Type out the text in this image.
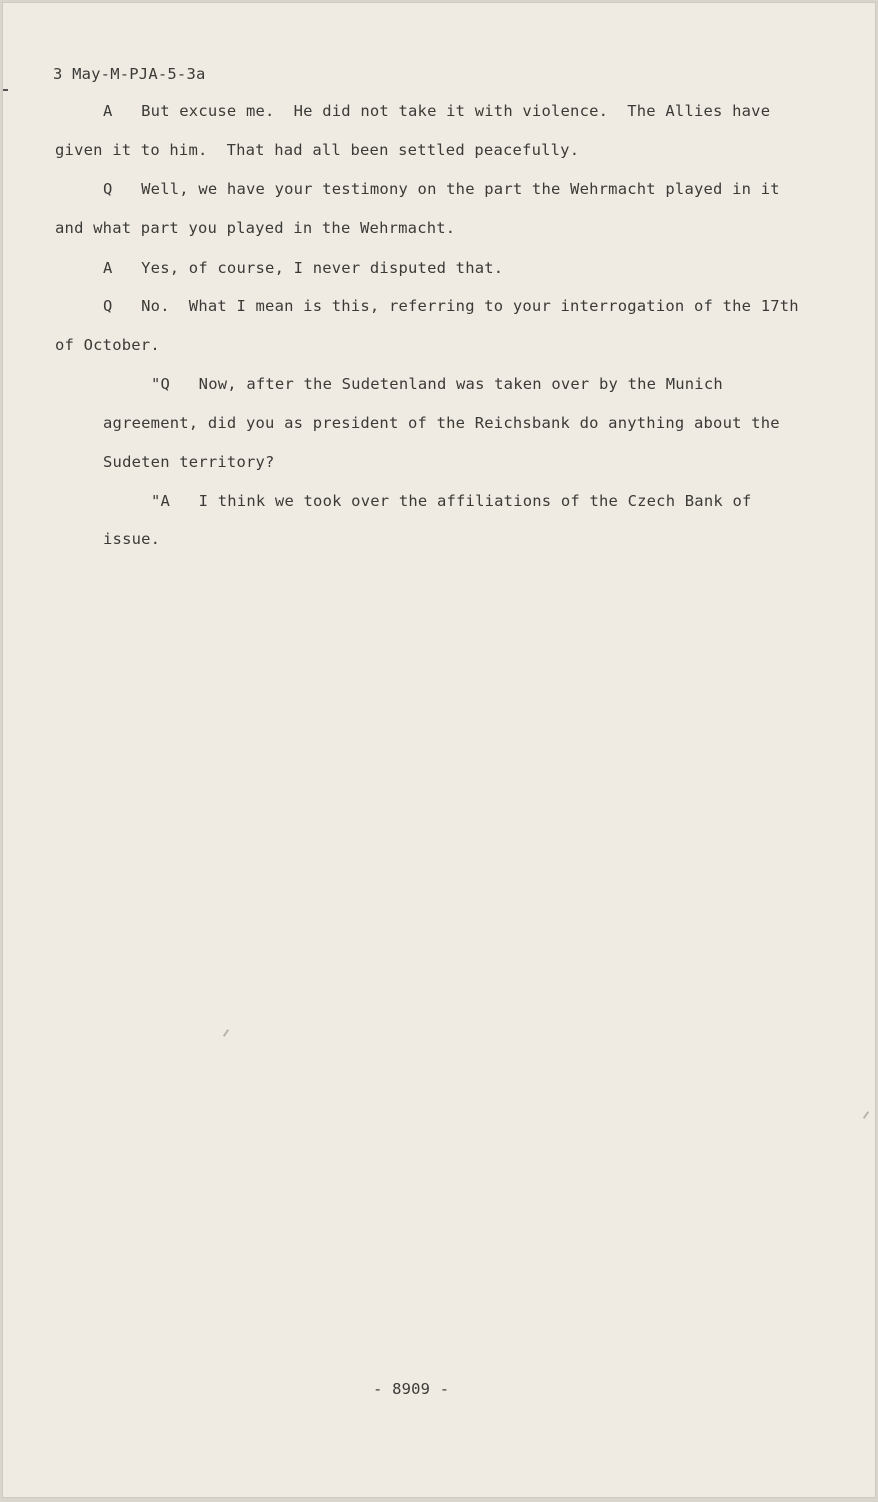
3 May-M-PJA-5-3a
A   But excuse me.  He did not take it with violence.  The Allies have
given it to him.  That had all been settled peacefully.
Q   Well, we have your testimony on the part the Wehrmacht played in it
and what part you played in the Wehrmacht.
A   Yes, of course, I never disputed that.
Q   No.  What I mean is this, referring to your interrogation of the 17th
of October.
"Q   Now, after the Sudetenland was taken over by the Munich
agreement, did you as president of the Reichsbank do anything about the
Sudeten territory?
"A   I think we took over the affiliations of the Czech Bank of
issue.
- 8909 -
